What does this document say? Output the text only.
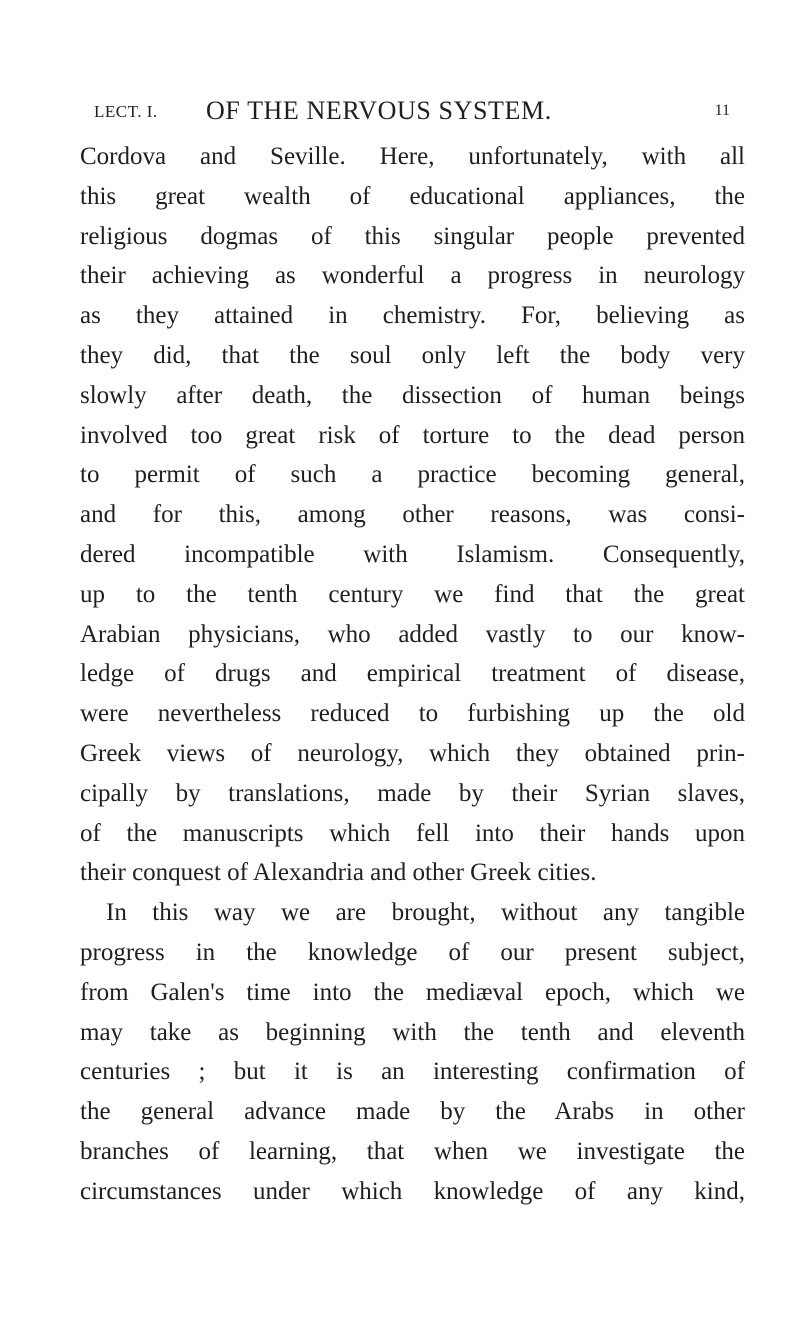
LECT. I. OF THE NERVOUS SYSTEM.	11
Cordova and Seville. Here, unfortunately, with all
this great wealth of educational appliances, the
religious dogmas of this singular people prevented
their achieving as wonderful a progress in neurology
as they attained in chemistry. For, believing as
they did, that the soul only left the body very
slowly after death, the dissection of human beings
involved too great risk of torture to the dead person
to permit of such a practice becoming general,
and for this, among other reasons, was consi-
dered incompatible with Islamism. Consequently,
up to the tenth century we find that the great
Arabian physicians, who added vastly to our know-
ledge of drugs and empirical treatment of disease,
were nevertheless reduced to furbishing up the old
Greek views of neurology, which they obtained prin-
cipally by translations, made by their Syrian slaves,
of the manuscripts which fell into their hands upon
their conquest of Alexandria and other Greek cities.
In this way we are brought, without any tangible
progress in the knowledge of our present subject,
from Galen's time into the mediæval epoch, which we
may take as beginning with the tenth and eleventh
centuries ; but it is an interesting confirmation of
the general advance made by the Arabs in other
branches of learning, that when we investigate the
circumstances under which knowledge of any kind,
